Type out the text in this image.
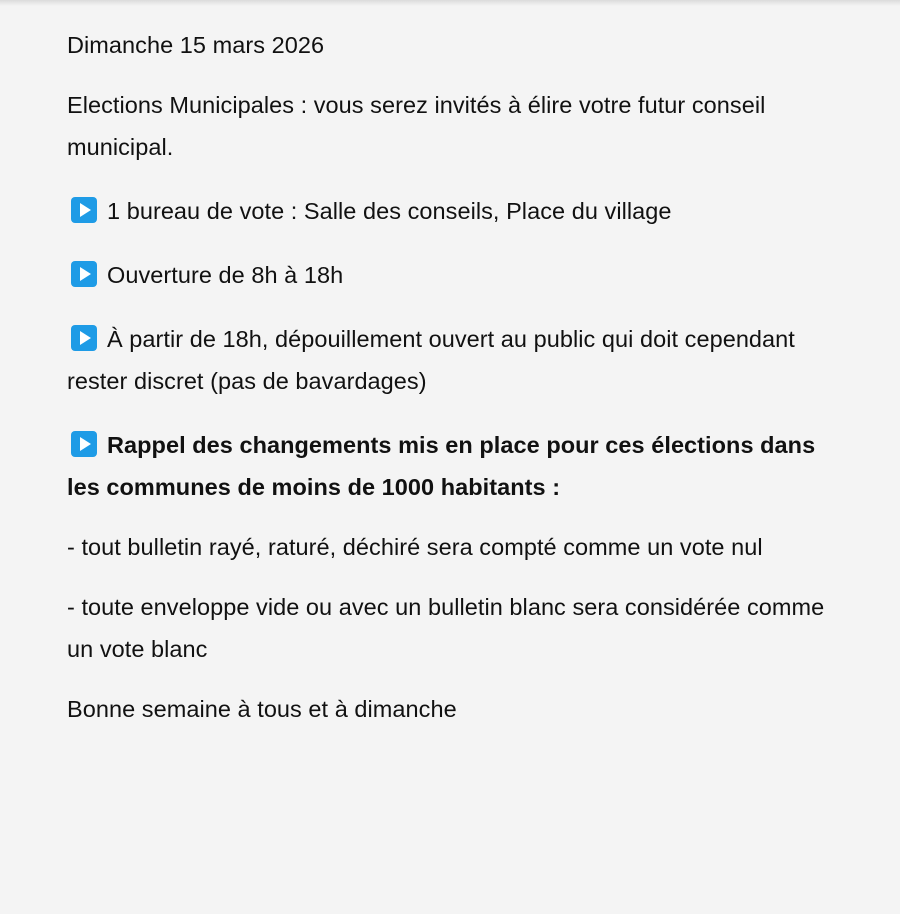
Dimanche 15 mars 2026

Elections Municipales : vous serez invités à élire votre futur conseil municipal.

1 bureau de vote : Salle des conseils, Place du village

Ouverture de 8h à 18h

À partir de 18h, dépouillement ouvert au public qui doit cependant rester discret (pas de bavardages)

Rappel des changements mis en place pour ces élections dans les communes de moins de 1000 habitants :

- tout bulletin rayé, raturé, déchiré sera compté comme un vote nul

- toute enveloppe vide ou avec un bulletin blanc sera considérée comme un vote blanc

Bonne semaine à tous et à dimanche
